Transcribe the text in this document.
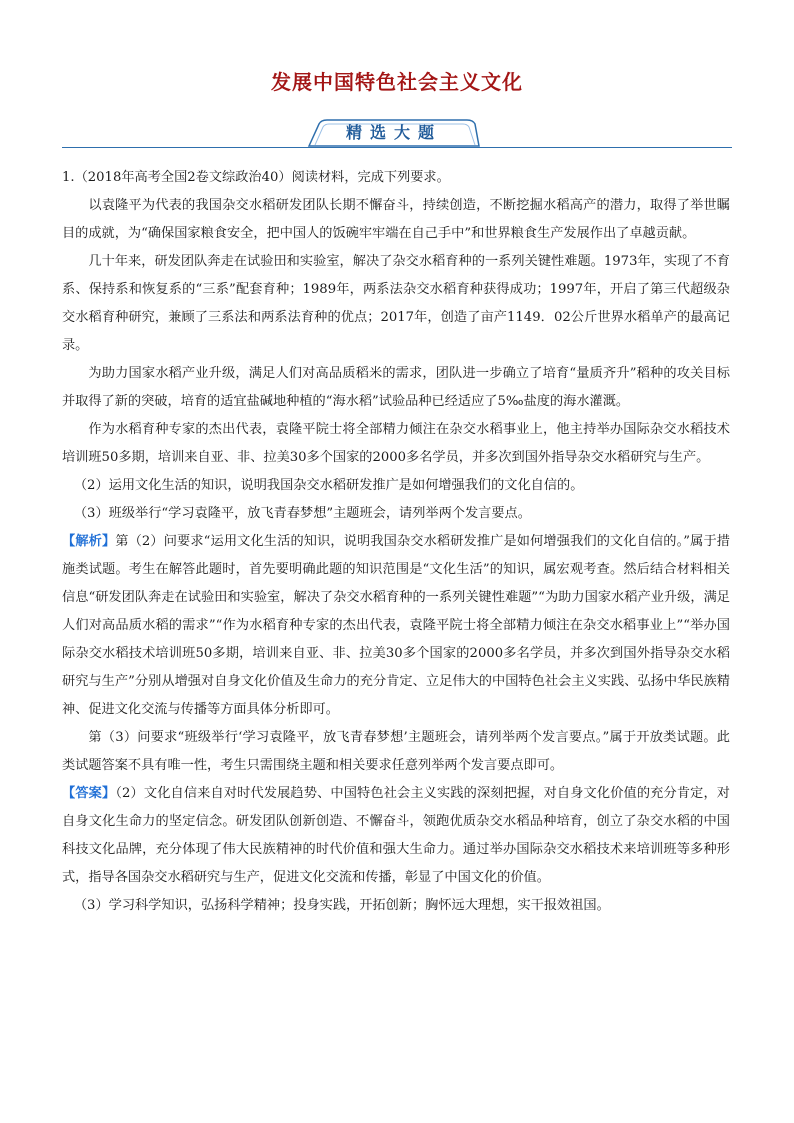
发展中国特色社会主义文化
精选大题

1.（2018年高考全国2卷文综政治40）阅读材料，完成下列要求。

以袁隆平为代表的我国杂交水稻研发团队长期不懈奋斗，持续创造，不断挖掘水稻高产的潜力，取得了举世瞩目的成就，为“确保国家粮食安全，把中国人的饭碗牢牢端在自己手中”和世界粮食生产发展作出了卓越贡献。

几十年来，研发团队奔走在试验田和实验室，解决了杂交水稻育种的一系列关键性难题。1973年，实现了不育系、保持系和恢复系的“三系”配套育种；1989年，两系法杂交水稻育种获得成功；1997年，开启了第三代超级杂交水稻育种研究，兼顾了三系法和两系法育种的优点；2017年，创造了亩产1149．02公斤世界水稻单产的最高记录。

为助力国家水稻产业升级，满足人们对高品质稻米的需求，团队进一步确立了培育“量质齐升”稻种的攻关目标并取得了新的突破，培育的适宜盐碱地种植的“海水稻”试验品种已经适应了5‰盐度的海水灌溉。

作为水稻育种专家的杰出代表，袁隆平院士将全部精力倾注在杂交水稻事业上，他主持举办国际杂交水稻技术培训班50多期，培训来自亚、非、拉美30多个国家的2000多名学员，并多次到国外指导杂交水稻研究与生产。

（2）运用文化生活的知识，说明我国杂交水稻研发推广是如何增强我们的文化自信的。

（3）班级举行“学习袁隆平，放飞青春梦想”主题班会，请列举两个发言要点。

【解析】第（2）问要求“运用文化生活的知识，说明我国杂交水稻研发推广是如何增强我们的文化自信的。”属于措施类试题。考生在解答此题时，首先要明确此题的知识范围是“文化生活”的知识，属宏观考查。然后结合材料相关信息“研发团队奔走在试验田和实验室，解决了杂交水稻育种的一系列关键性难题”“为助力国家水稻产业升级，满足人们对高品质水稻的需求”“作为水稻育种专家的杰出代表，袁隆平院士将全部精力倾注在杂交水稻事业上”“举办国际杂交水稻技术培训班50多期，培训来自亚、非、拉美30多个国家的2000多名学员，并多次到国外指导杂交水稻研究与生产”分别从增强对自身文化价值及生命力的充分肯定、立足伟大的中国特色社会主义实践、弘扬中华民族精神、促进文化交流与传播等方面具体分析即可。

第（3）问要求“班级举行‘学习袁隆平，放飞青春梦想’主题班会，请列举两个发言要点。”属于开放类试题。此类试题答案不具有唯一性，考生只需围绕主题和相关要求任意列举两个发言要点即可。

【答案】（2）文化自信来自对时代发展趋势、中国特色社会主义实践的深刻把握，对自身文化价值的充分肯定，对自身文化生命力的坚定信念。研发团队创新创造、不懈奋斗，领跑优质杂交水稻品种培育，创立了杂交水稻的中国科技文化品牌，充分体现了伟大民族精神的时代价值和强大生命力。通过举办国际杂交水稻技术来培训班等多种形式，指导各国杂交水稻研究与生产，促进文化交流和传播，彰显了中国文化的价值。

（3）学习科学知识，弘扬科学精神；投身实践，开拓创新；胸怀远大理想，实干报效祖国。
